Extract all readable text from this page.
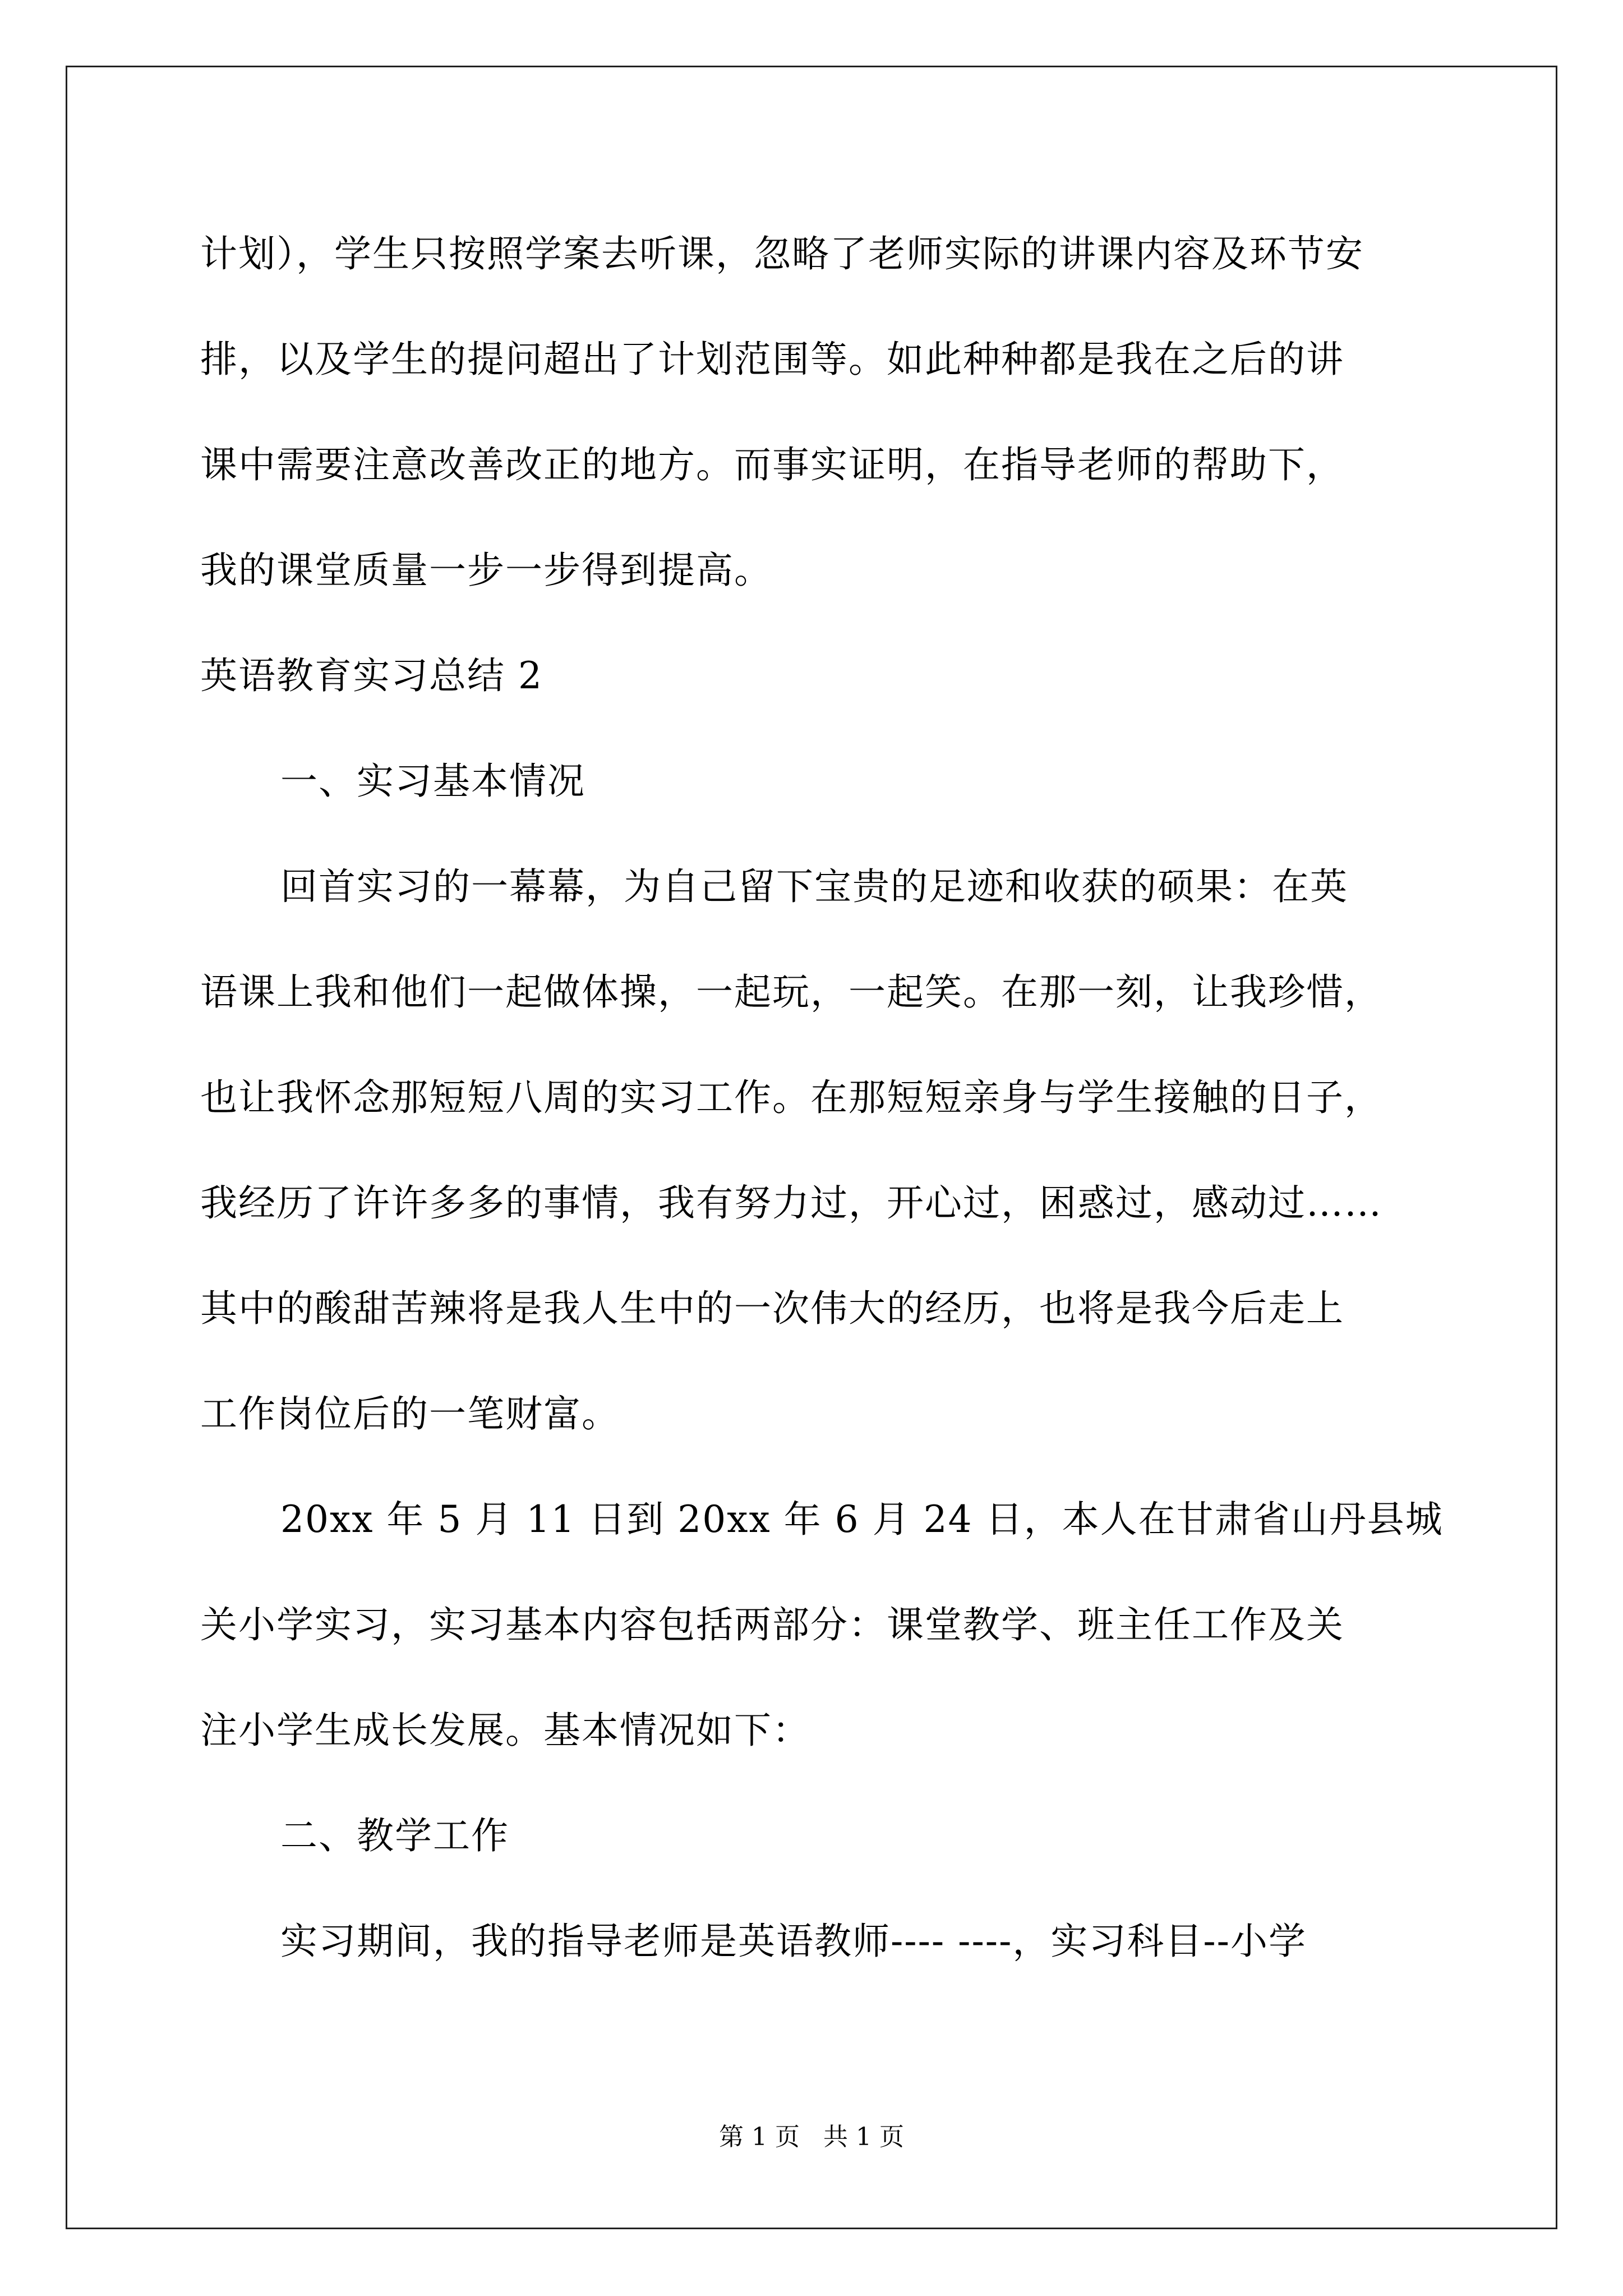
计划），学生只按照学案去听课，忽略了老师实际的讲课内容及环节安
排，以及学生的提问超出了计划范围等。如此种种都是我在之后的讲
课中需要注意改善改正的地方。而事实证明，在指导老师的帮助下，
我的课堂质量一步一步得到提高。
英语教育实习总结 2
一、实习基本情况
回首实习的一幕幕，为自己留下宝贵的足迹和收获的硕果：在英
语课上我和他们一起做体操，一起玩，一起笑。在那一刻，让我珍惜，
也让我怀念那短短八周的实习工作。在那短短亲身与学生接触的日子，
我经历了许许多多的事情，我有努力过，开心过，困惑过，感动过……
其中的酸甜苦辣将是我人生中的一次伟大的经历，也将是我今后走上
工作岗位后的一笔财富。
20xx 年 5 月 11 日到 20xx 年 6 月 24 日，本人在甘肃省山丹县城
关小学实习，实习基本内容包括两部分：课堂教学、班主任工作及关
注小学生成长发展。基本情况如下：
二、教学工作
实习期间，我的指导老师是英语教师---- ----，实习科目--小学
第 1 页   共 1 页
